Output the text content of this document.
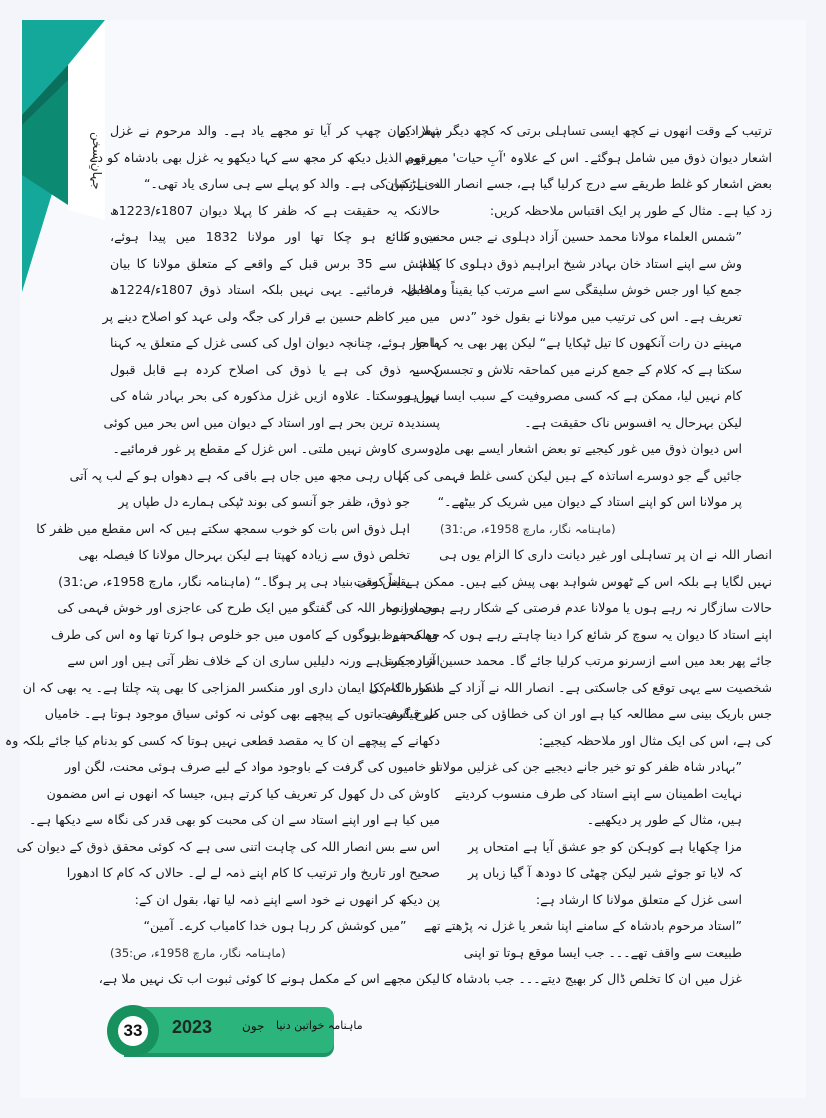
جہانِ سخن
ترتیب کے وقت انھوں نے کچھ ایسی تساہلی برتی کہ کچھ دیگر شعرا کے
اشعار دیوان ذوق میں شامل ہوگئے۔ اس کے علاوہ 'آبِ حیات' میں بھی
بعض اشعار کو غلط طریقے سے درج کرلیا گیا ہے، جسے انصار اللہ نے نشان
زد کیا ہے۔ مثال کے طور پر ایک اقتباس ملاحظہ کریں:
”شمس العلماء مولانا محمد حسین آزاد دہلوی نے جس محنت و کا
وش سے اپنے استاد خان بہادر شیخ ابراہیم ذوق دہلوی کا کلام
جمع کیا اور جس خوش سلیقگی سے اسے مرتب کیا یقیناً وہ قابل
تعریف ہے۔ اس کی ترتیب میں مولانا نے بقول خود ”دس
مہینے دن رات آنکھوں کا تیل ٹپکایا ہے“ لیکن پھر بھی یہ کہا جا
سکتا ہے کہ کلام کے جمع کرنے میں کماحقہ تلاش و تجسس سے
کام نہیں لیا، ممکن ہے کہ کسی مصروفیت کے سبب ایسا ہوا ہو
لیکن بہرحال یہ افسوس ناک حقیقت ہے۔
اس دیوان ذوق میں غور کیجیے تو بعض اشعار ایسے بھی مل
جائیں گے جو دوسرے اساتذہ کے ہیں لیکن کسی غلط فہمی کی بنا
پر مولانا اس کو اپنے استاد کے دیوان میں شریک کر بیٹھے۔“
(ماہنامہ نگار، مارچ 1958ء، ص:31)
انصار اللہ نے ان پر تساہلی اور غیر دیانت داری کا الزام یوں ہی
نہیں لگایا ہے بلکہ اس کے ٹھوس شواہد بھی پیش کیے ہیں۔ ممکن ہے اس وقت
حالات سازگار نہ رہے ہوں یا مولانا عدم فرصتی کے شکار رہے ہوں اور وہ
اپنے استاد کا دیوان یہ سوچ کر شائع کرا دینا چاہتے رہے ہوں کہ وہ محفوظ ہو
جائے پھر بعد میں اسے ازسرنو مرتب کرلیا جائے گا۔ محمد حسین آزاد جیسی
شخصیت سے یہی توقع کی جاسکتی ہے۔ انصار اللہ نے آزاد کے مذکورہ کام کا
جس باریک بینی سے مطالعہ کیا ہے اور ان کی خطاؤں کی جس طرح گرفت
کی ہے، اس کی ایک مثال اور ملاحظہ کیجیے:
”بہادر شاہ ظفر کو تو خیر جانے دیجیے جن کی غزلیں مولانا
نہایت اطمینان سے اپنے استاد کی طرف منسوب کردیتے
ہیں، مثال کے طور پر دیکھیے۔
مزا چکھایا ہے کوہکن کو جو عشق آیا ہے امتحاں پر
کہ لایا تو جوئے شیر لیکن چھٹی کا دودھ آ گیا زباں پر
اسی غزل کے متعلق مولانا کا ارشاد ہے:
”استاد مرحوم بادشاہ کے سامنے اپنا شعر یا غزل نہ پڑھتے تھے
طبیعت سے واقف تھے۔۔۔ جب ایسا موقع ہوتا تو اپنی
غزل میں ان کا تخلص ڈال کر بھیج دیتے۔۔۔ جب بادشاہ کا
پہلا دیوان چھپ کر آیا تو مجھے یاد ہے۔ والد مرحوم نے غزل
مرقوم الذیل دیکھ کر مجھ سے کہا دیکھو یہ غزل بھی بادشاہ کو دے
دی لڑکپن کی ہے۔ والد کو پہلے سے ہی ساری یاد تھی۔“
حالانکہ یہ حقیقت ہے کہ ظفر کا پہلا دیوان 1807ء/1223ھ
میں شائع ہو چکا تھا اور مولانا 1832 میں پیدا ہوئے،
پیدائش سے 35 برس قبل کے واقعے کے متعلق مولانا کا بیان
ملاحظہ فرمائیے۔ یہی نہیں بلکہ استاد ذوق 1807ء/1224ھ
میں میر کاظم حسین بے قرار کی جگہ ولی عہد کو اصلاح دینے پر
مامور ہوئے، چنانچہ دیوان اول کی کسی غزل کے متعلق یہ کہنا
کہ یہ ذوق کی ہے یا ذوق کی اصلاح کردہ ہے قابل قبول
نہیں ہوسکتا۔ علاوہ ازیں غزل مذکورہ کی بحر بہادر شاہ کی
پسندیدہ ترین بحر ہے اور استاد کے دیوان میں اس بحر میں کوئی
دوسری کاوش نہیں ملتی۔ اس غزل کے مقطع پر غور فرمائیے۔
کہاں رہی مجھ میں جاں ہے باقی کہ ہے دھواں ہو کے لب پہ آتی
جو ذوق، ظفر جو آنسو کی بوند ٹپکی ہمارے دل طپاں پر
اہل ذوق اس بات کو خوب سمجھ سکتے ہیں کہ اس مقطع میں ظفر کا
تخلص ذوق سے زیادہ کھپتا ہے لیکن بہرحال مولانا کا فیصلہ بھی
یقیناً کسی بنیاد ہی پر ہوگا۔“ (ماہنامہ نگار، مارچ 1958ء، ص:31)
محمد انصار اللہ کی گفتگو میں ایک طرح کی عاجزی اور خوش فہمی کی
جھلک ہے۔ بزرگوں کے کاموں میں جو خلوص ہوا کرتا تھا وہ اس کی طرف
اشارہ کرتا ہے ورنہ دلیلیں ساری ان کے خلاف نظر آتی ہیں اور اس سے
انصار اللہ کی ایمان داری اور منکسر المزاجی کا بھی پتہ چلتا ہے۔ یہ بھی کہ ان
کی قیاسی باتوں کے پیچھے بھی کوئی نہ کوئی سیاق موجود ہوتا ہے۔ خامیاں
دکھانے کے پیچھے ان کا یہ مقصد قطعی نہیں ہوتا کہ کسی کو بدنام کیا جائے بلکہ وہ
تو خامیوں کی گرفت کے باوجود مواد کے لیے صرف ہوئی محنت، لگن اور
کاوش کی دل کھول کر تعریف کیا کرتے ہیں، جیسا کہ انھوں نے اس مضمون
میں کیا ہے اور اپنے استاد سے ان کی محبت کو بھی قدر کی نگاہ سے دیکھا ہے۔
اس سے بس انصار اللہ کی چاہت اتنی سی ہے کہ کوئی محقق ذوق کے دیوان کی
صحیح اور تاریخ وار ترتیب کا کام اپنے ذمہ لے لے۔ حالاں کہ کام کا ادھورا
پن دیکھ کر انھوں نے خود اسے اپنے ذمہ لیا تھا، بقول ان کے:
”میں کوشش کر رہا ہوں خدا کامیاب کرے۔ آمین“
(ماہنامہ نگار، مارچ 1958ء، ص:35)
لیکن مجھے اس کے مکمل ہونے کا کوئی ثبوت اب تک نہیں ملا ہے،
33	2023 جون ماہنامہ خواتین دنیا
